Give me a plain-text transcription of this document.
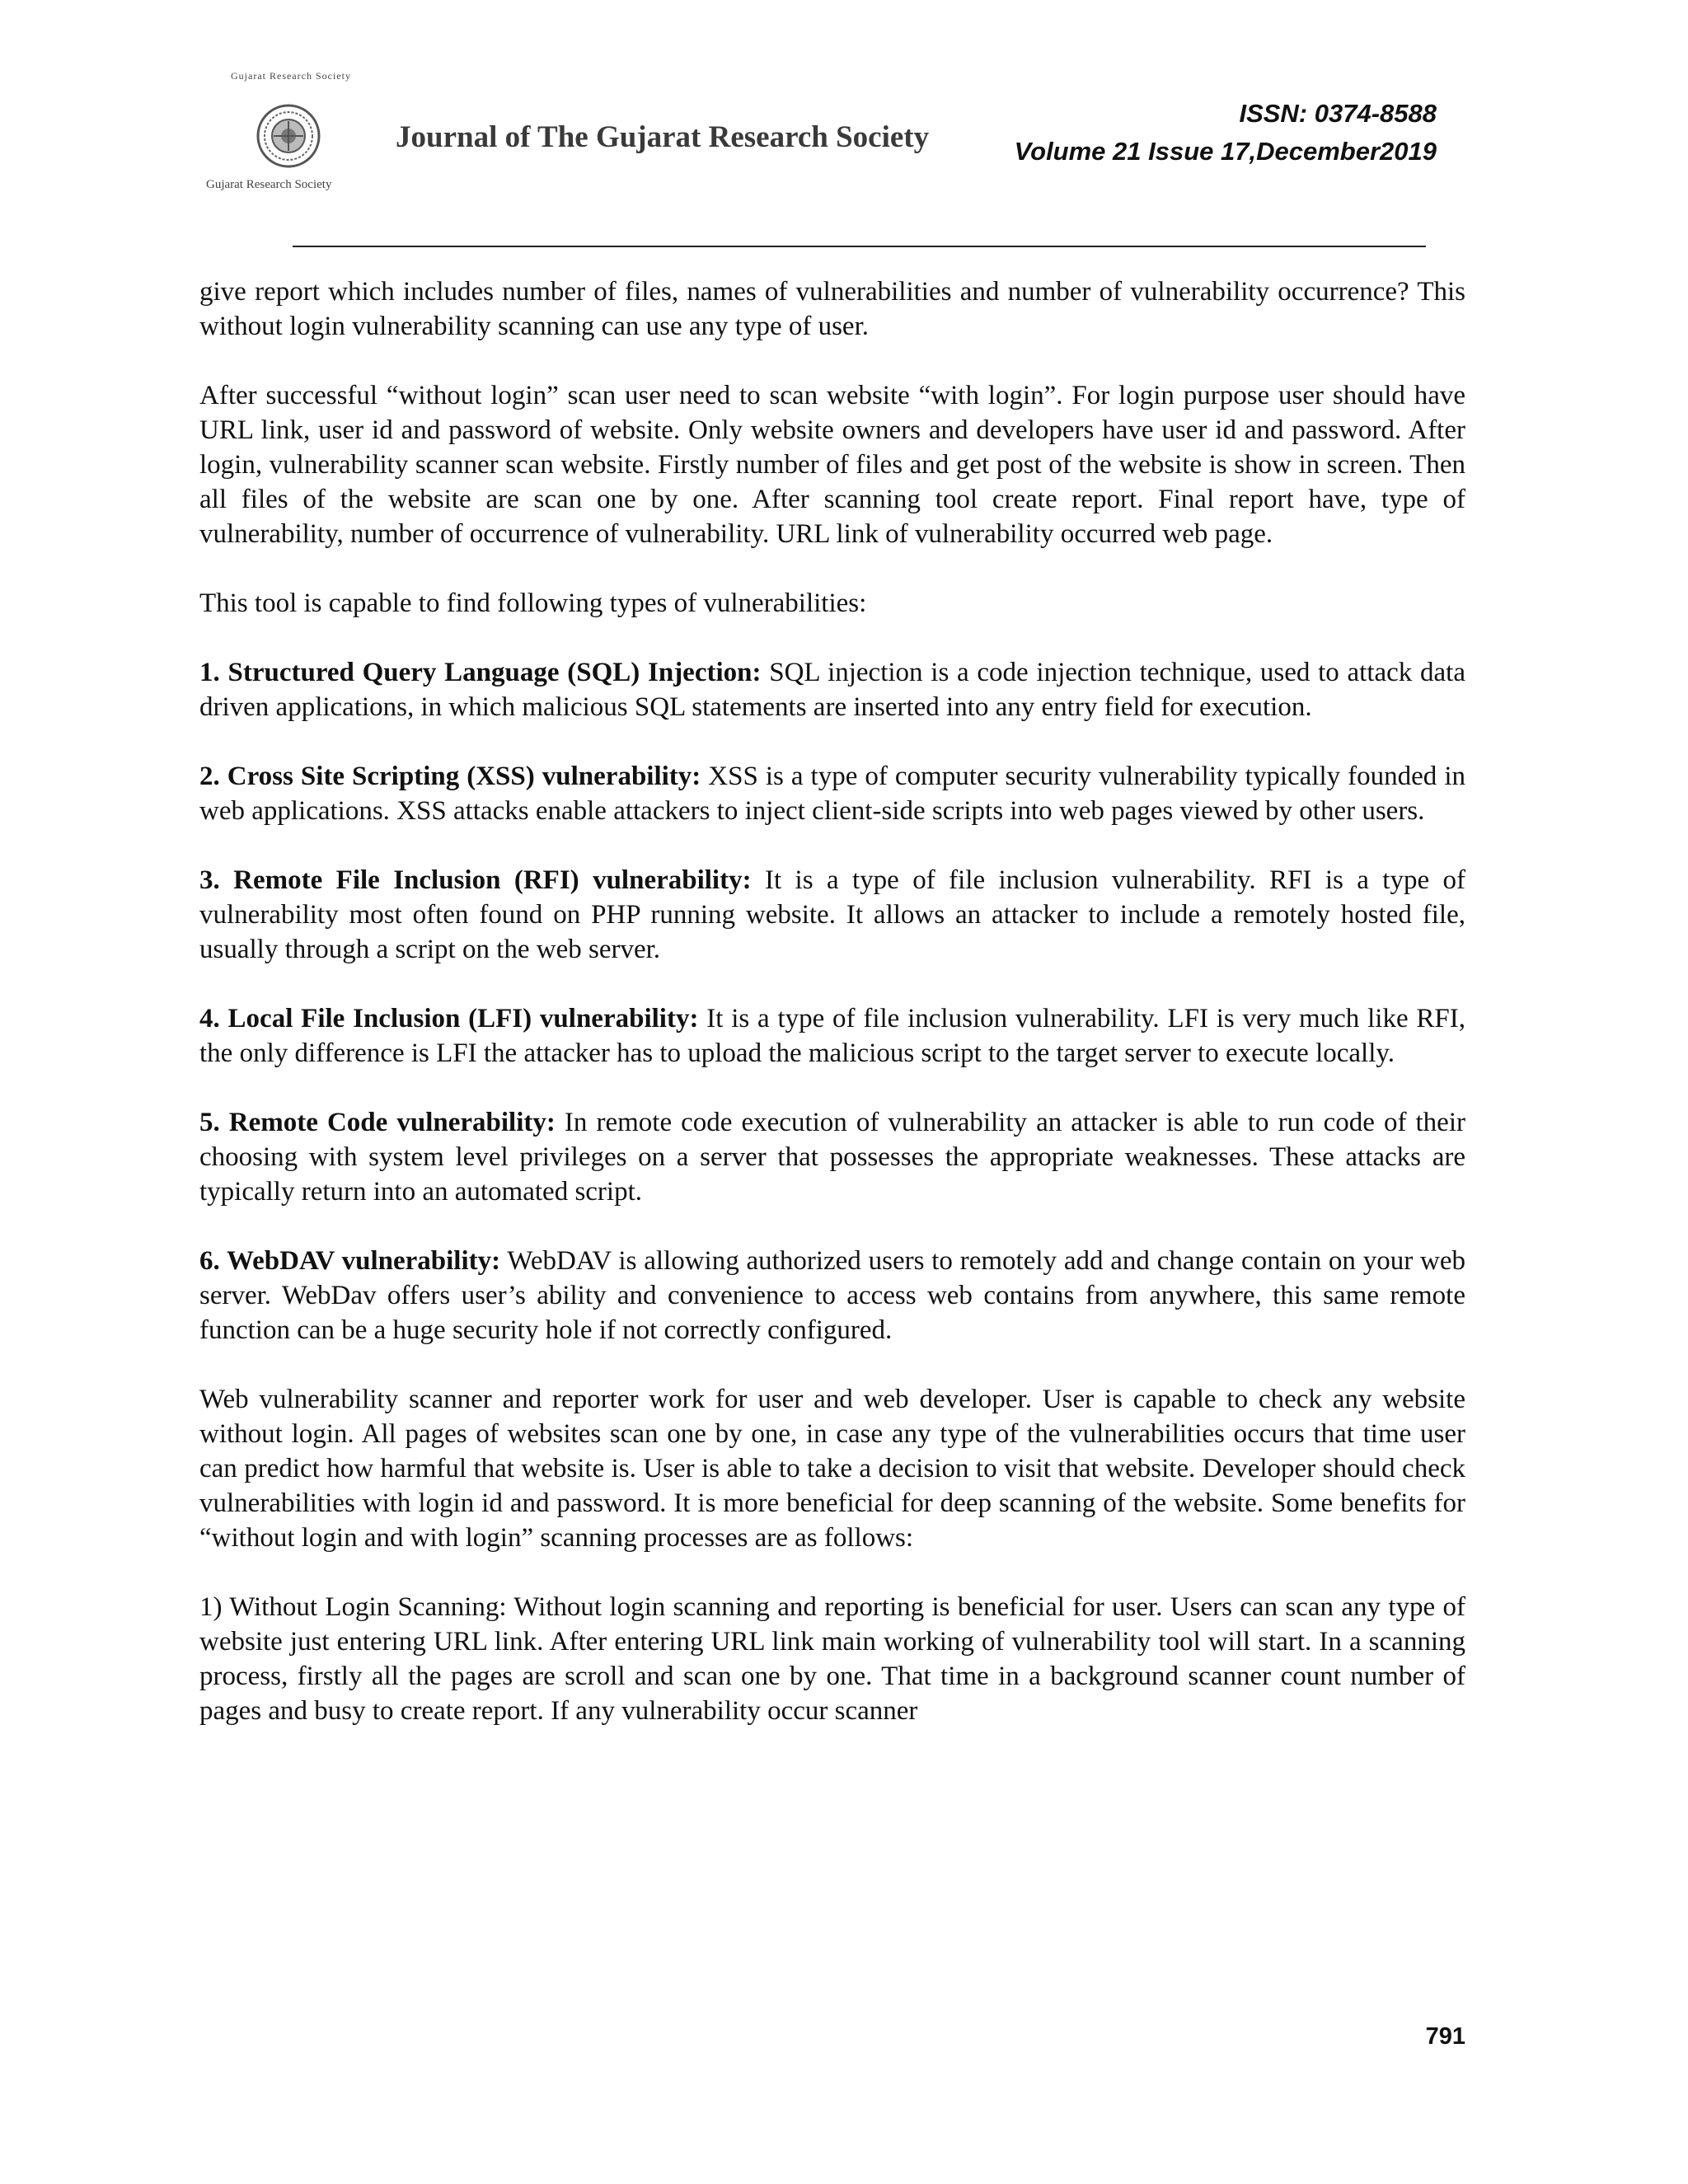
Gujarat Research Society
Gujarat Research Society
Journal of The Gujarat Research Society
ISSN: 0374-8588
Volume 21 Issue 17,December2019

give report which includes number of files, names of vulnerabilities and number of vulnerability occurrence? This without login vulnerability scanning can use any type of user.

After successful “without login” scan user need to scan website “with login”. For login purpose user should have URL link, user id and password of website. Only website owners and developers have user id and password. After login, vulnerability scanner scan website. Firstly number of files and get post of the website is show in screen. Then all files of the website are scan one by one. After scanning tool create report. Final report have, type of vulnerability, number of occurrence of vulnerability. URL link of vulnerability occurred web page.

This tool is capable to find following types of vulnerabilities:

1. Structured Query Language (SQL) Injection: SQL injection is a code injection technique, used to attack data driven applications, in which malicious SQL statements are inserted into any entry field for execution.

2. Cross Site Scripting (XSS) vulnerability: XSS is a type of computer security vulnerability typically founded in web applications. XSS attacks enable attackers to inject client-side scripts into web pages viewed by other users.

3. Remote File Inclusion (RFI) vulnerability: It is a type of file inclusion vulnerability. RFI is a type of vulnerability most often found on PHP running website. It allows an attacker to include a remotely hosted file, usually through a script on the web server.

4. Local File Inclusion (LFI) vulnerability: It is a type of file inclusion vulnerability. LFI is very much like RFI, the only difference is LFI the attacker has to upload the malicious script to the target server to execute locally.

5. Remote Code vulnerability: In remote code execution of vulnerability an attacker is able to run code of their choosing with system level privileges on a server that possesses the appropriate weaknesses. These attacks are typically return into an automated script.

6. WebDAV vulnerability: WebDAV is allowing authorized users to remotely add and change contain on your web server. WebDav offers user’s ability and convenience to access web contains from anywhere, this same remote function can be a huge security hole if not correctly configured.

Web vulnerability scanner and reporter work for user and web developer. User is capable to check any website without login. All pages of websites scan one by one, in case any type of the vulnerabilities occurs that time user can predict how harmful that website is. User is able to take a decision to visit that website. Developer should check vulnerabilities with login id and password. It is more beneficial for deep scanning of the website. Some benefits for “without login and with login” scanning processes are as follows:

1) Without Login Scanning: Without login scanning and reporting is beneficial for user. Users can scan any type of website just entering URL link. After entering URL link main working of vulnerability tool will start. In a scanning process, firstly all the pages are scroll and scan one by one. That time in a background scanner count number of pages and busy to create report. If any vulnerability occur scanner

791
